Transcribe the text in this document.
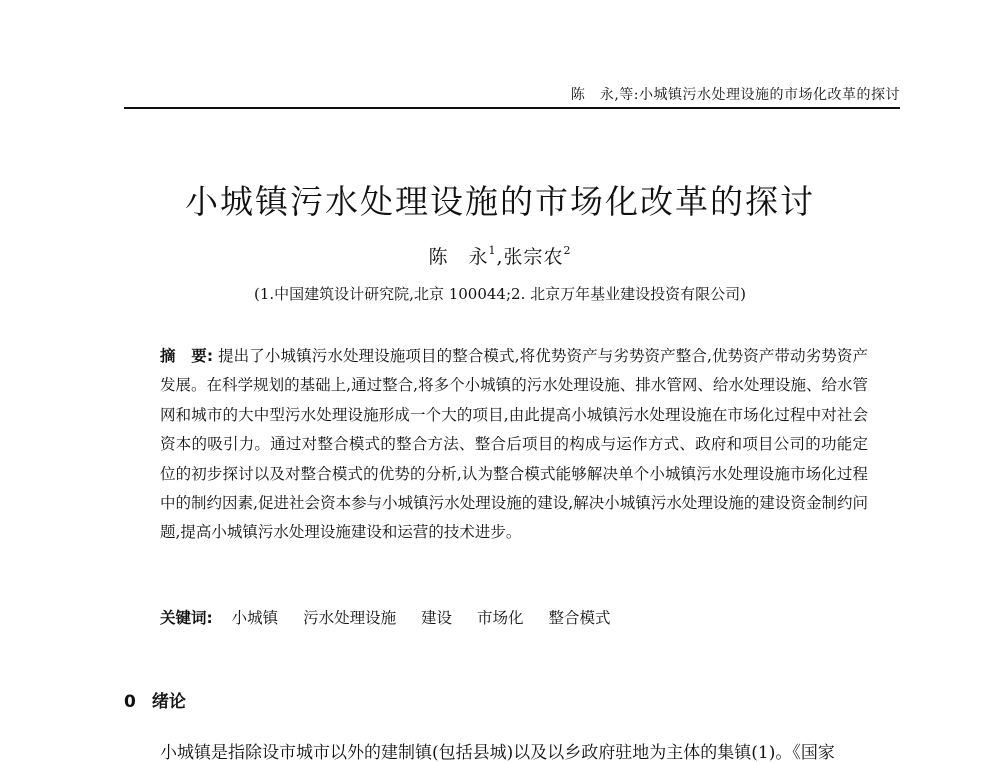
陈　永,等:小城镇污水处理设施的市场化改革的探讨
小城镇污水处理设施的市场化改革的探讨
陈　永$^1$,张宗农$^2$
(1.中国建筑设计研究院,北京 100044;2. 北京万年基业建设投资有限公司)
摘　要: 提出了小城镇污水处理设施项目的整合模式,将优势资产与劣势资产整合,优势资产带动劣势资产发展。在科学规划的基础上,通过整合,将多个小城镇的污水处理设施、排水管网、给水处理设施、给水管网和城市的大中型污水处理设施形成一个大的项目,由此提高小城镇污水处理设施在市场化过程中对社会资本的吸引力。通过对整合模式的整合方法、整合后项目的构成与运作方式、政府和项目公司的功能定位的初步探讨以及对整合模式的优势的分析,认为整合模式能够解决单个小城镇污水处理设施市场化过程中的制约因素,促进社会资本参与小城镇污水处理设施的建设,解决小城镇污水处理设施的建设资金制约问题,提高小城镇污水处理设施建设和运营的技术进步。
关键词: 小城镇 污水处理设施 建设 市场化 整合模式
0 绪论
小城镇是指除设市城市以外的建制镇(包括县城)以及以乡政府驻地为主体的集镇(1)。《国家
